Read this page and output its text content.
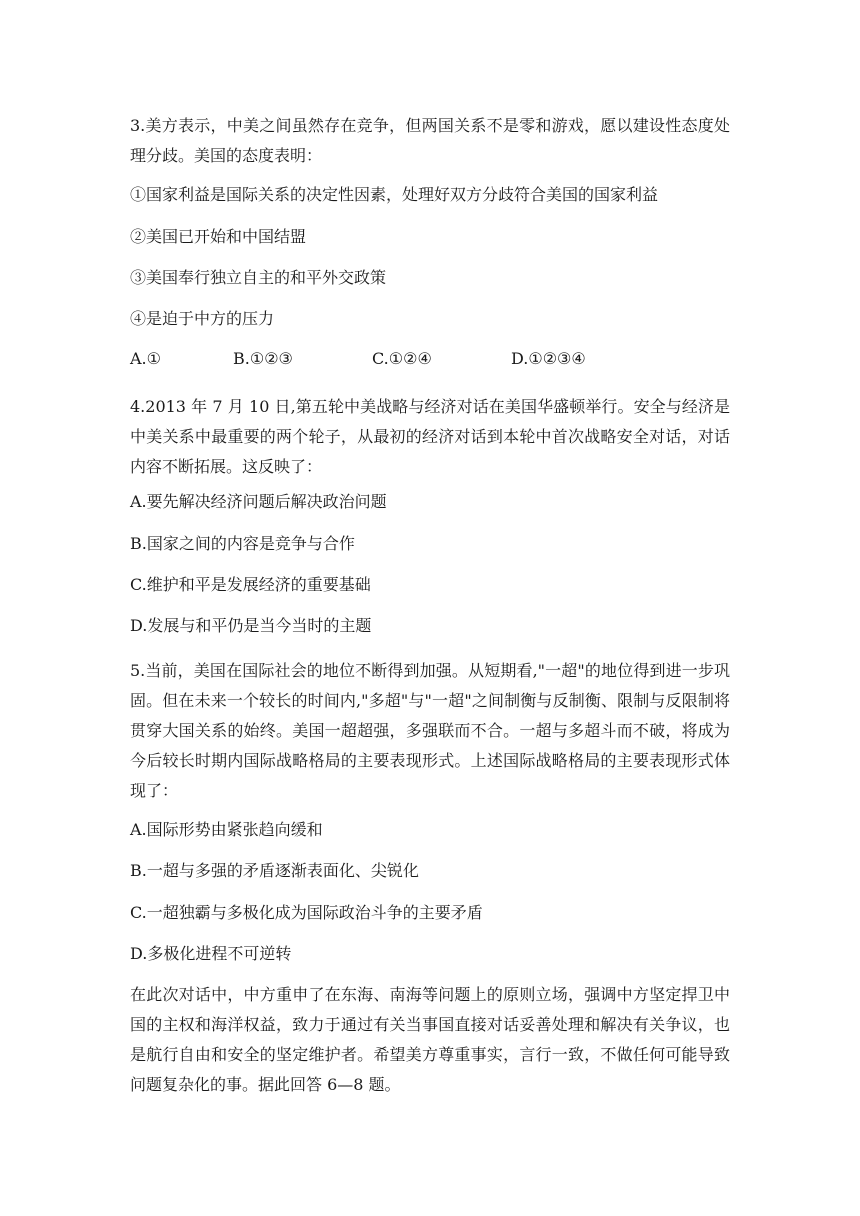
3.美方表示，中美之间虽然存在竞争，但两国关系不是零和游戏，愿以建设性态度处理分歧。美国的态度表明：

①国家利益是国际关系的决定性因素，处理好双方分歧符合美国的国家利益

②美国已开始和中国结盟

③美国奉行独立自主的和平外交政策

④是迫于中方的压力

A.①	B.①②③	C.①②④	D.①②③④

4.2013 年 7 月 10 日,第五轮中美战略与经济对话在美国华盛顿举行。安全与经济是中美关系中最重要的两个轮子，从最初的经济对话到本轮中首次战略安全对话，对话内容不断拓展。这反映了：

A.要先解决经济问题后解决政治问题

B.国家之间的内容是竞争与合作

C.维护和平是发展经济的重要基础

D.发展与和平仍是当今当时的主题

5.当前，美国在国际社会的地位不断得到加强。从短期看,"一超"的地位得到进一步巩固。但在未来一个较长的时间内,"多超"与"一超"之间制衡与反制衡、限制与反限制将贯穿大国关系的始终。美国一超超强，多强联而不合。一超与多超斗而不破，将成为今后较长时期内国际战略格局的主要表现形式。上述国际战略格局的主要表现形式体现了：

A.国际形势由紧张趋向缓和

B.一超与多强的矛盾逐渐表面化、尖锐化

C.一超独霸与多极化成为国际政治斗争的主要矛盾

D.多极化进程不可逆转

在此次对话中，中方重申了在东海、南海等问题上的原则立场，强调中方坚定捍卫中国的主权和海洋权益，致力于通过有关当事国直接对话妥善处理和解决有关争议，也是航行自由和安全的坚定维护者。希望美方尊重事实，言行一致，不做任何可能导致问题复杂化的事。据此回答 6—8 题。
